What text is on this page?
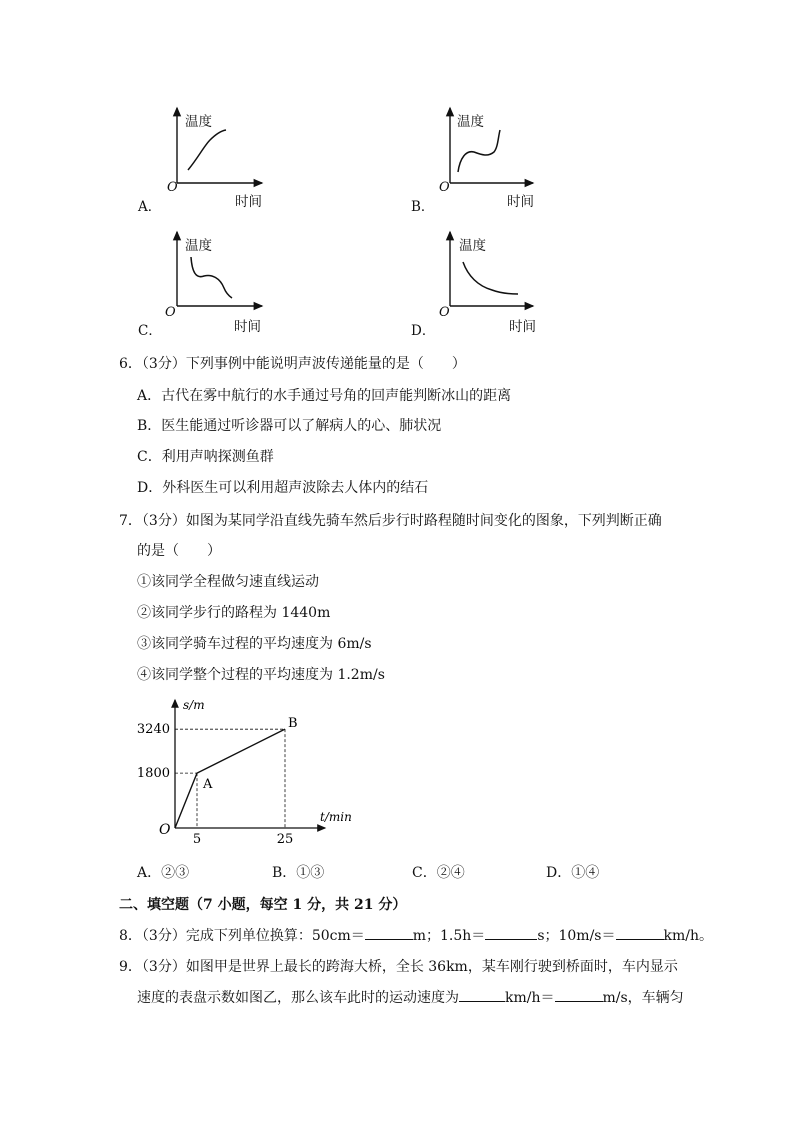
温度	温度
温度	温度
时间	时间
时间	时间
O	O
O	O
A．	B．
C．	D．
6．（3分）下列事例中能说明声波传递能量的是（　　）
A．古代在雾中航行的水手通过号角的回声能判断冰山的距离
B．医生能通过听诊器可以了解病人的心、肺状况
C．利用声呐探测鱼群
D．外科医生可以利用超声波除去人体内的结石
7．（3分）如图为某同学沿直线先骑车然后步行时路程随时间变化的图象，下列判断正确
的是（　　）
①该同学全程做匀速直线运动
②该同学步行的路程为 1440m
③该同学骑车过程的平均速度为 6m/s
④该同学整个过程的平均速度为 1.2m/s
1800
3240
5	25
A
B
s/m
t/min
O
A．②③	B．①③	C．②④	D．①④
二、填空题（7 小题，每空 1 分，共 21 分）
8．（3分）完成下列单位换算：50cm＝	m；1.5h＝	s；10m/s＝	km/h。
9．（3分）如图甲是世界上最长的跨海大桥，全长 36km，某车刚行驶到桥面时，车内显示
速度的表盘示数如图乙，那么该车此时的运动速度为	km/h＝	m/s，车辆匀
